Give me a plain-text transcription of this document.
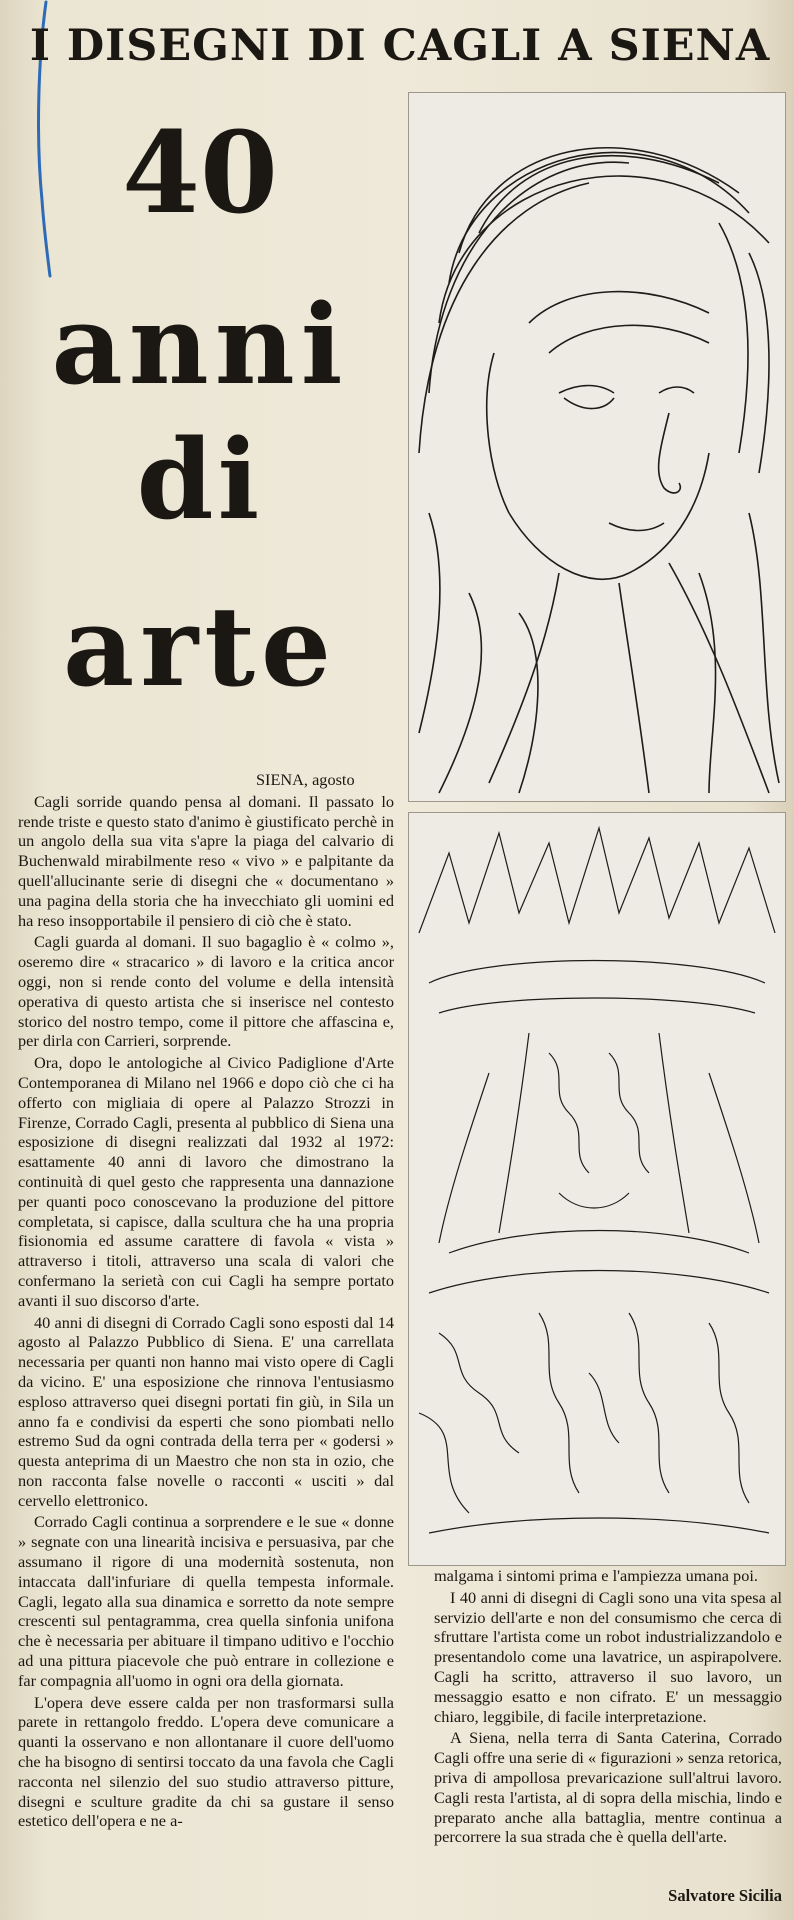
I DISEGNI DI CAGLI A SIENA
40
anni
di
arte

SIENA, agosto

Cagli sorride quando pensa al domani. Il passato lo rende triste e questo stato d'animo è giustificato perchè in un angolo della sua vita s'apre la piaga del calvario di Buchenwald mirabilmente reso « vivo » e palpitante da quell'allucinante serie di disegni che « documentano » una pagina della storia che ha invecchiato gli uomini ed ha reso insopportabile il pensiero di ciò che è stato.

Cagli guarda al domani. Il suo bagaglio è « colmo », oseremo dire « stracarico » di lavoro e la critica ancor oggi, non si rende conto del volume e della intensità operativa di questo artista che si inserisce nel contesto storico del nostro tempo, come il pittore che affascina e, per dirla con Carrieri, sorprende.

Ora, dopo le antologiche al Civico Padiglione d'Arte Contemporanea di Milano nel 1966 e dopo ciò che ci ha offerto con migliaia di opere al Palazzo Strozzi in Firenze, Corrado Cagli, presenta al pubblico di Siena una esposizione di disegni realizzati dal 1932 al 1972: esattamente 40 anni di lavoro che dimostrano la continuità di quel gesto che rappresenta una dannazione per quanti poco conoscevano la produzione del pittore completata, si capisce, dalla scultura che ha una propria fisionomia ed assume carattere di favola « vista » attraverso i titoli, attraverso una scala di valori che confermano la serietà con cui Cagli ha sempre portato avanti il suo discorso d'arte.

40 anni di disegni di Corrado Cagli sono esposti dal 14 agosto al Palazzo Pubblico di Siena. E' una carrellata necessaria per quanti non hanno mai visto opere di Cagli da vicino. E' una esposizione che rinnova l'entusiasmo esploso attraverso quei disegni portati fin giù, in Sila un anno fa e condivisi da esperti che sono piombati nello estremo Sud da ogni contrada della terra per « godersi » questa anteprima di un Maestro che non sta in ozio, che non racconta false novelle o racconti « usciti » dal cervello elettronico.

Corrado Cagli continua a sorprendere e le sue « donne » segnate con una linearità incisiva e persuasiva, par che assumano il rigore di una modernità sostenuta, non intaccata dall'infuriare di quella tempesta informale. Cagli, legato alla sua dinamica e sorretto da note sempre crescenti sul pentagramma, crea quella sinfonia unifona che è necessaria per abituare il timpano uditivo e l'occhio ad una pittura piacevole che può entrare in collezione e far compagnia all'uomo in ogni ora della giornata.

L'opera deve essere calda per non trasformarsi sulla parete in rettangolo freddo. L'opera deve comunicare a quanti la osservano e non allontanare il cuore dell'uomo che ha bisogno di sentirsi toccato da una favola che Cagli racconta nel silenzio del suo studio attraverso pitture, disegni e sculture gradite da chi sa gustare il senso estetico dell'opera e ne a-

malgama i sintomi prima e l'ampiezza umana poi.

I 40 anni di disegni di Cagli sono una vita spesa al servizio dell'arte e non del consumismo che cerca di sfruttare l'artista come un robot industrializzandolo e presentandolo come una lavatrice, un aspirapolvere. Cagli ha scritto, attraverso il suo lavoro, un messaggio esatto e non cifrato. E' un messaggio chiaro, leggibile, di facile interpretazione.

A Siena, nella terra di Santa Caterina, Corrado Cagli offre una serie di « figurazioni » senza retorica, priva di ampollosa prevaricazione sull'altrui lavoro. Cagli resta l'artista, al di sopra della mischia, lindo e preparato anche alla battaglia, mentre continua a percorrere la sua strada che è quella dell'arte.

Salvatore Sicilia
